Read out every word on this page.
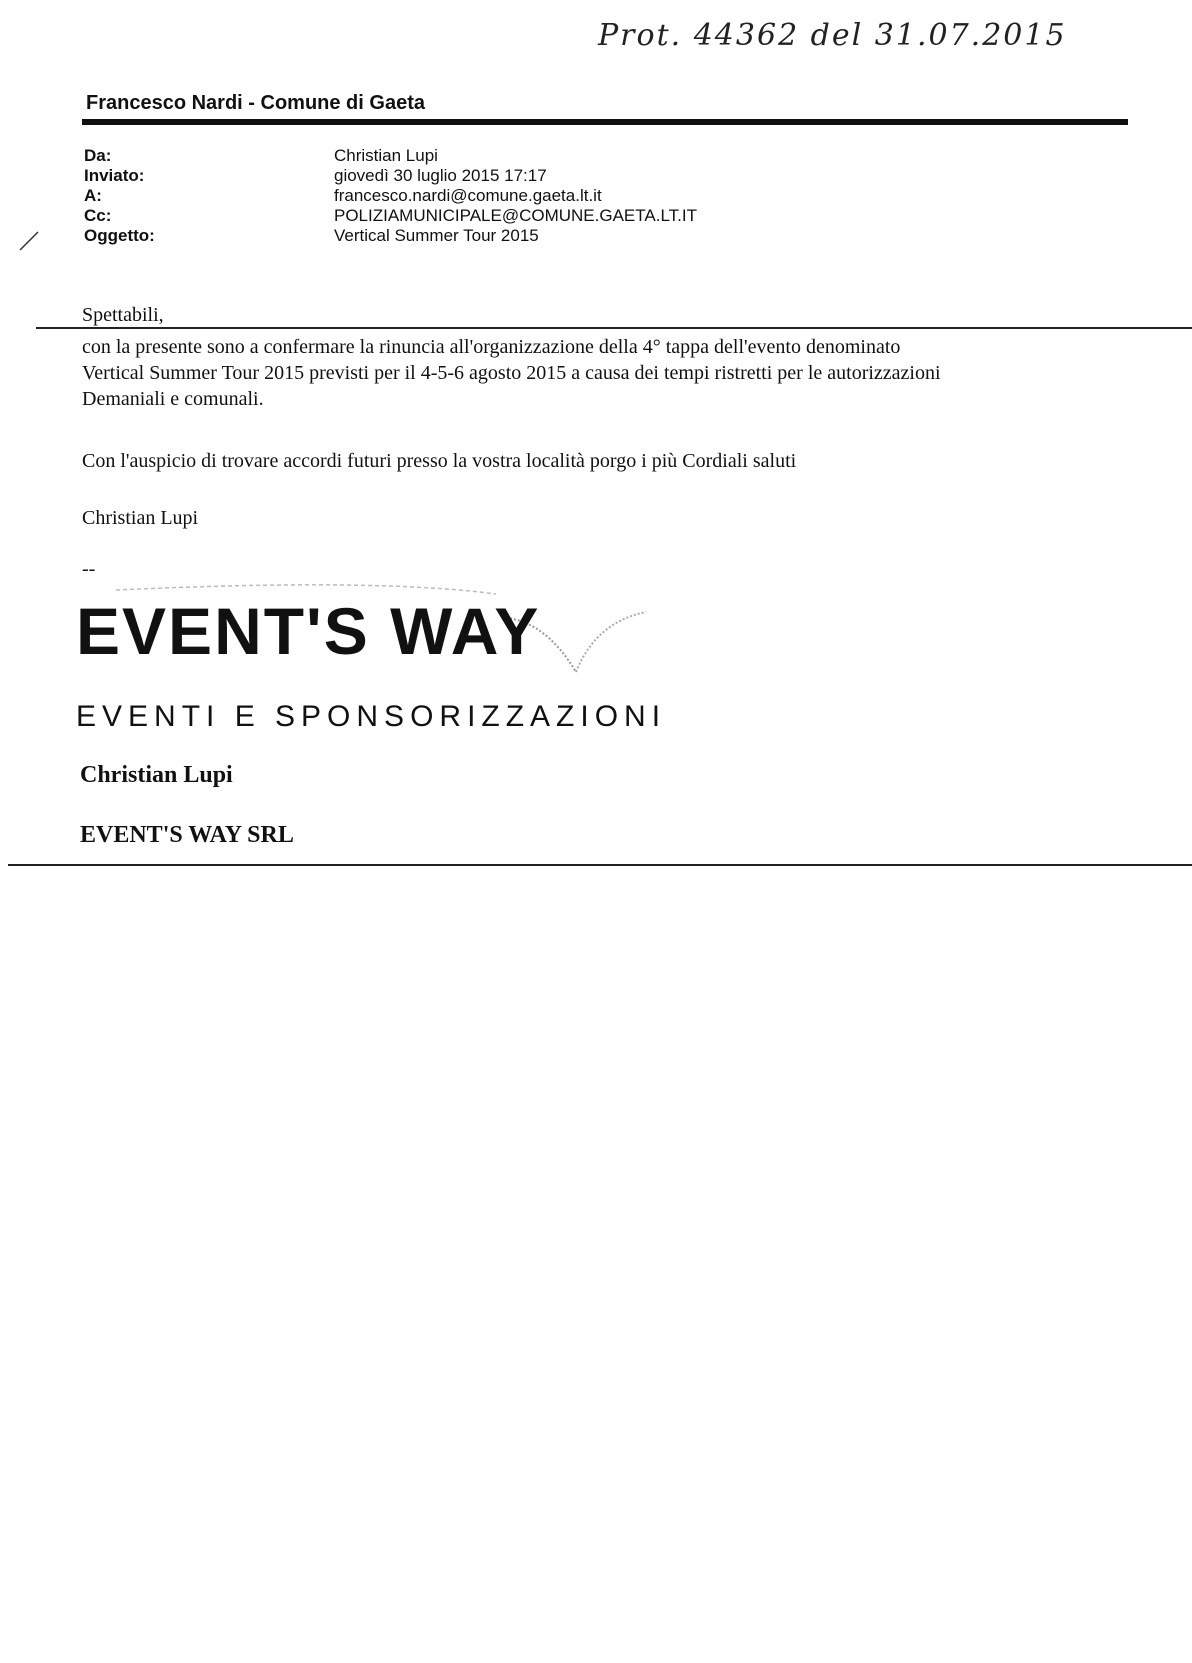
Prot. 44362 del 31.07.2015
Francesco Nardi - Comune di Gaeta
Da:
Inviato:
A:
Cc:
Oggetto:
Christian Lupi
giovedì 30 luglio 2015 17:17
francesco.nardi@comune.gaeta.lt.it
POLIZIAMUNICIPALE@COMUNE.GAETA.LT.IT
Vertical Summer Tour 2015
Spettabili,
con la presente sono a confermare la rinuncia all'organizzazione della 4° tappa dell'evento denominato
Vertical Summer Tour 2015 previsti per il 4-5-6 agosto 2015 a causa dei tempi ristretti per le autorizzazioni
Demaniali e comunali.
Con l'auspicio di trovare accordi futuri presso la vostra località porgo i più Cordiali saluti
Christian Lupi
--
EVENT'S WAY
EVENTI E SPONSORIZZAZIONI
Christian Lupi
EVENT'S WAY SRL
